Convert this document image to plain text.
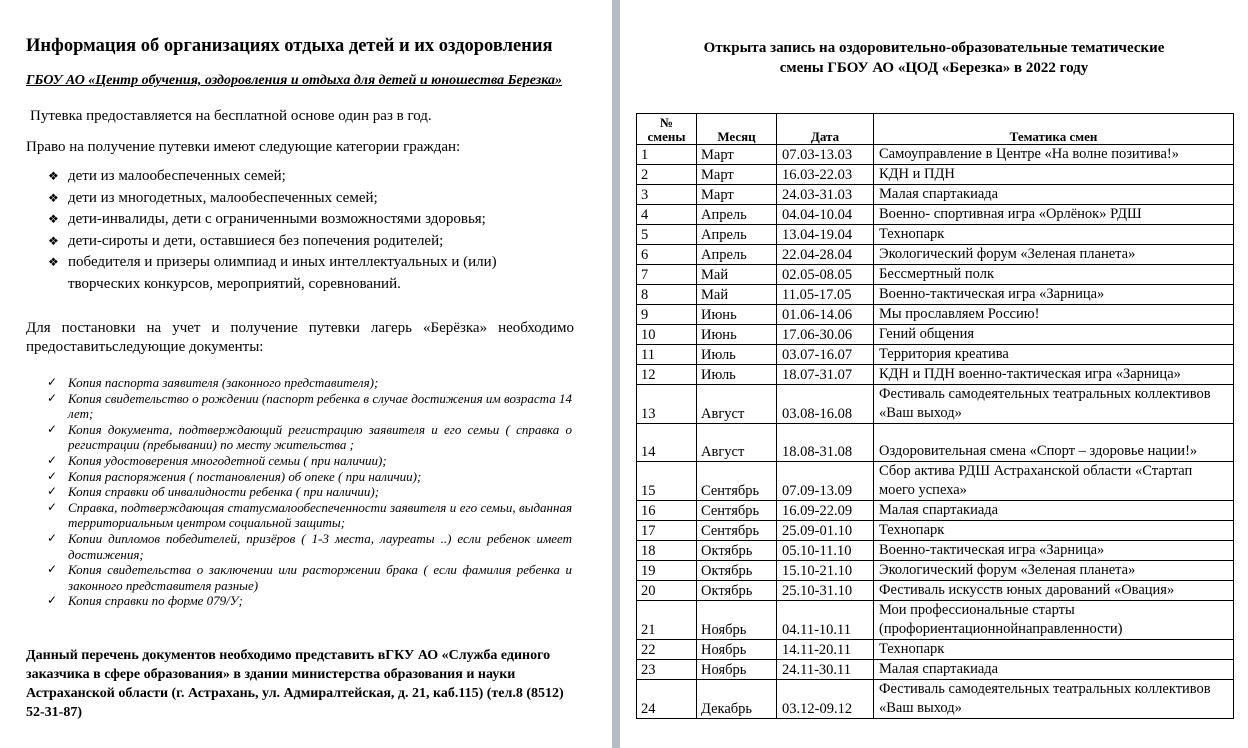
Информация об организациях отдыха детей и их оздоровления
ГБОУ АО «Центр обучения, оздоровления и отдыха для детей и юношества Березка»
Путевка предоставляется на бесплатной основе один раз в год.
Право на получение путевки имеют следующие категории граждан:
❖ дети из малообеспеченных семей;
❖ дети из многодетных, малообеспеченных семей;
❖ дети-инвалиды, дети с ограниченными возможностями здоровья;
❖ дети-сироты и дети, оставшиеся без попечения родителей;
❖ победителя и призеры олимпиад и иных интеллектуальных и (или) творческих конкурсов, мероприятий, соревнований.
Для постановки на учет и получение путевки лагерь «Берёзка» необходимо предоставитьследующие документы:
✓ Копия паспорта заявителя (законного представителя);
✓ Копия свидетельство о рождении (паспорт ребенка в случае достижения им возраста 14 лет;
✓ Копия документа, подтверждающий регистрацию заявителя и его семьи ( справка о регистрации (пребывании) по месту жительства ;
✓ Копия удостоверения многодетной семьи ( при наличии);
✓ Копия распоряжения ( постановления) об опеке ( при наличии);
✓ Копия справки об инвалидности ребенка ( при наличии);
✓ Справка, подтверждающая статусмалообеспеченности заявителя и его семьи, выданная территориальным центром социальной защиты;
✓ Копии дипломов победителей, призёров ( 1-3 места, лауреаты ..) если ребенок имеет достижения;
✓ Копия свидетельства о заключении или расторжении брака ( если фамилия ребенка и законного представителя разные)
✓ Копия справки по форме 079/У;
Данный перечень документов необходимо представить вГКУ АО «Служба единого заказчика в сфере образования» в здании министерства образования и науки Астраханской области (г. Астрахань, ул. Адмиралтейская, д. 21, каб.115) (тел.8 (8512) 52-31-87)
Открыта запись на оздоровительно-образовательные тематические
смены ГБОУ АО «ЦОД «Березка» в 2022 году
№
смены	Месяц	Дата	Тематика смен
1	Март	07.03-13.03	Самоуправление в Центре «На волне позитива!»
2	Март	16.03-22.03	КДН и ПДН
3	Март	24.03-31.03	Малая спартакиада
4	Апрель	04.04-10.04	Военно- спортивная игра «Орлёнок» РДШ
5	Апрель	13.04-19.04	Технопарк
6	Апрель	22.04-28.04	Экологический форум «Зеленая планета»
7	Май	02.05-08.05	Бессмертный полк
8	Май	11.05-17.05	Военно-тактическая игра «Зарница»
9	Июнь	01.06-14.06	Мы прославляем Россию!
10	Июнь	17.06-30.06	Гений общения
11	Июль	03.07-16.07	Территория креатива
12	Июль	18.07-31.07	КДН и ПДН военно-тактическая игра «Зарница»
13	Август	03.08-16.08	Фестиваль самодеятельных театральных коллективов «Ваш выход»
14	Август	18.08-31.08	Оздоровительная смена «Спорт – здоровье нации!»
15	Сентябрь	07.09-13.09	Сбор актива РДШ Астраханской области «Стартап моего успеха»
16	Сентябрь	16.09-22.09	Малая спартакиада
17	Сентябрь	25.09-01.10	Технопарк
18	Октябрь	05.10-11.10	Военно-тактическая игра «Зарница»
19	Октябрь	15.10-21.10	Экологический форум «Зеленая планета»
20	Октябрь	25.10-31.10	Фестиваль искусств юных дарований «Овация»
21	Ноябрь	04.11-10.11	Мои профессиональные старты (профориентационнойнаправленности)
22	Ноябрь	14.11-20.11	Технопарк
23	Ноябрь	24.11-30.11	Малая спартакиада
24	Декабрь	03.12-09.12	Фестиваль самодеятельных театральных коллективов «Ваш выход»
